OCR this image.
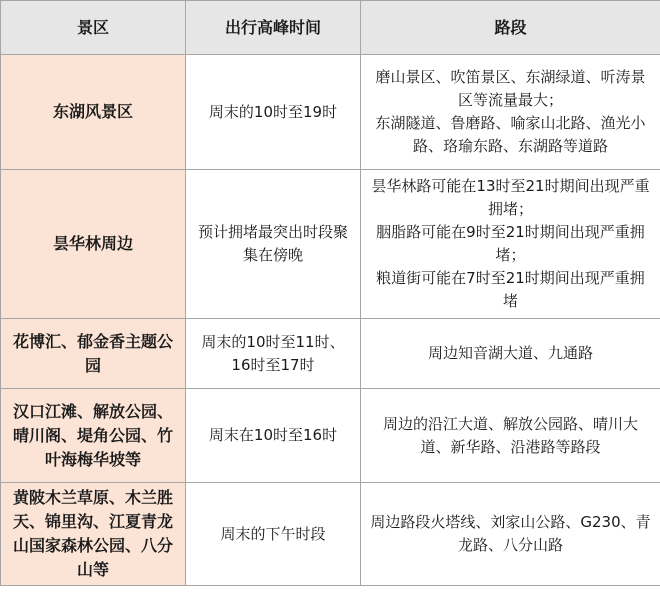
景区	出行高峰时间	路段
东湖风景区	周末的10时至19时	磨山景区、吹笛景区、东湖绿道、听涛景区等流量最大；
东湖隧道、鲁磨路、喻家山北路、渔光小路、珞瑜东路、东湖路等道路

昙华林周边	预计拥堵最突出时段聚集在傍晚	昙华林路可能在13时至21时期间出现严重拥堵；
胭脂路可能在9时至21时期间出现严重拥堵；
粮道街可能在7时至21时期间出现严重拥堵

花博汇、郁金香主题公园	周末的10时至11时、16时至17时	周边知音湖大道、九通路

汉口江滩、解放公园、晴川阁、堤角公园、竹叶海梅华坡等	周末在10时至16时	周边的沿江大道、解放公园路、晴川大道、新华路、沿港路等路段

黄陂木兰草原、木兰胜天、锦里沟、江夏青龙山国家森林公园、八分山等	周末的下午时段	周边路段火塔线、刘家山公路、G230、青龙路、八分山路
